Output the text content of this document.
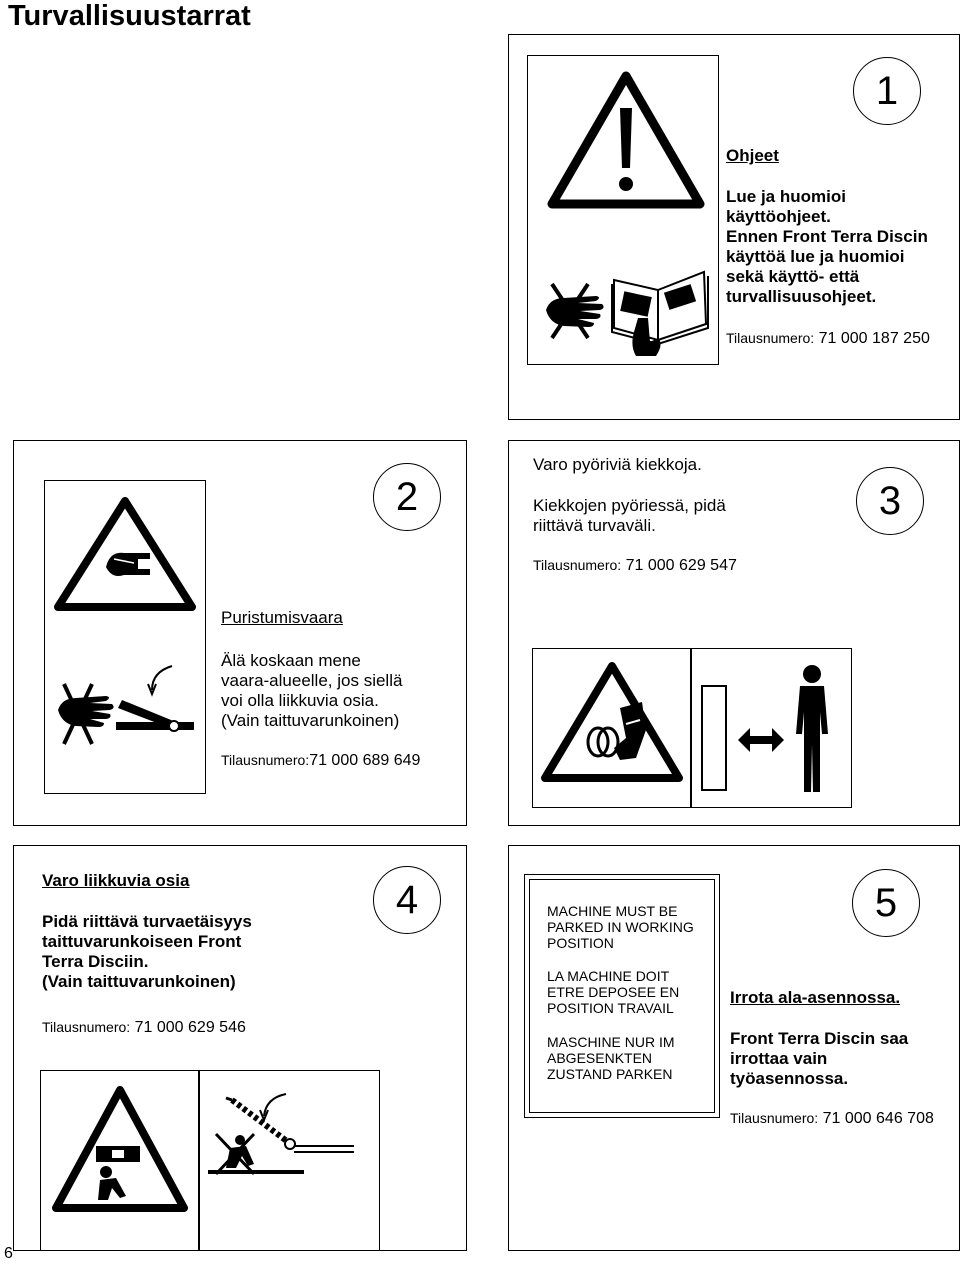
Turvallisuustarrat
1
Ohjeet
Lue ja huomioi
käyttöohjeet.
Ennen Front Terra Discin
käyttöä lue ja huomioi
sekä käyttö- että
turvallisuusohjeet.
Tilausnumero: 71 000 187 250
2
Puristumisvaara
Älä koskaan mene
vaara-alueelle, jos siellä
voi olla liikkuvia osia.
(Vain taittuvarunkoinen)
Tilausnumero:71 000 689 649
3
Varo pyöriviä kiekkoja.
Kiekkojen pyöriessä, pidä
riittävä turvaväli.
Tilausnumero: 71 000 629 547
4
Varo liikkuvia osia
Pidä riittävä turvaetäisyys
taittuvarunkoiseen Front
Terra Disciin.
(Vain taittuvarunkoinen)
Tilausnumero: 71 000 629 546
5
MACHINE MUST BE
PARKED IN WORKING
POSITION
LA MACHINE DOIT
ETRE DEPOSEE EN
POSITION TRAVAIL
MASCHINE NUR IM
ABGESENKTEN
ZUSTAND PARKEN
Irrota ala-asennossa.
Front Terra Discin saa
irrottaa vain
työasennossa.
Tilausnumero: 71 000 646 708
6
